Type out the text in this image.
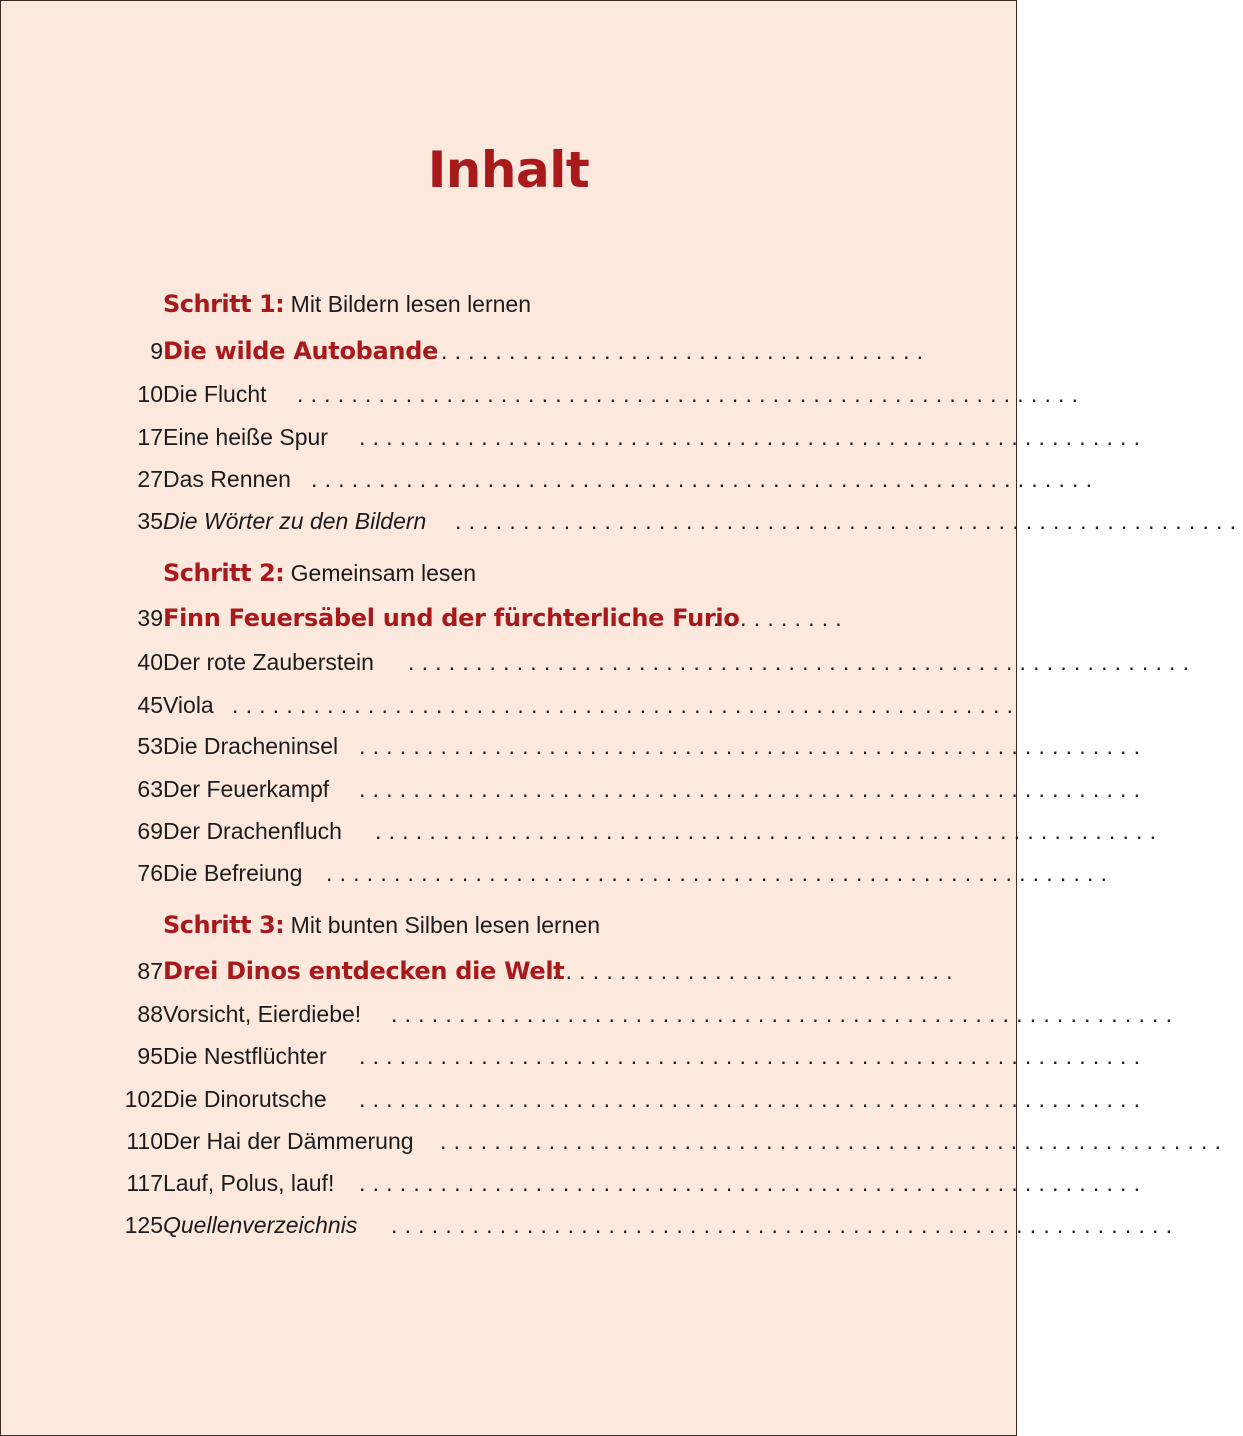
Inhalt
Schritt 1: Mit Bildern lesen lernen
Die wilde Autobande ....................................
9
Die Flucht ..........................................................
10
Eine heiße Spur ..........................................................
17
Das Rennen ..........................................................
27
Die Wörter zu den Bildern ..........................................................
35
Schritt 2: Gemeinsam lesen
Finn Feuersäbel und der fürchterliche Furio
..........
39
Der rote Zauberstein ..........................................................
40
Viola ..........................................................
45
Die Dracheninsel ..........................................................
53
Der Feuerkampf ..........................................................
63
Der Drachenfluch ..........................................................
69
Die Befreiung ..........................................................
76
Schritt 3: Mit bunten Silben lesen lernen
Drei Dinos entdecken die Welt
..............................
87
Vorsicht, Eierdiebe! ..........................................................
88
Die Nestflüchter ..........................................................
95
Die Dinorutsche ..........................................................
102
Der Hai der Dämmerung ..........................................................
110
Lauf, Polus, lauf! ..........................................................
117
Quellenverzeichnis ..........................................................
125
